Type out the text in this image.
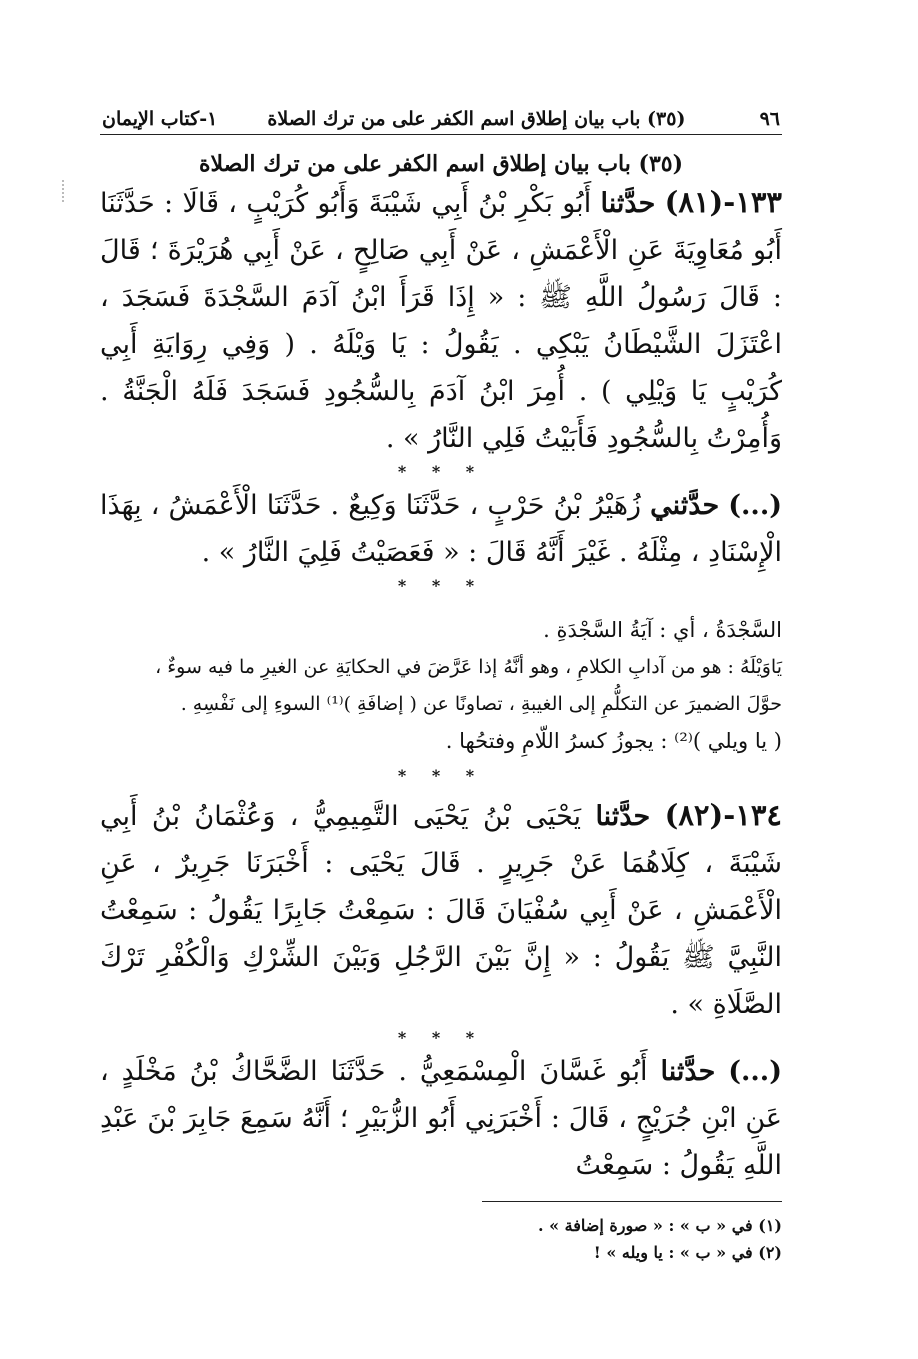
٩٦
(٣٥) باب بيان إطلاق اسم الكفر على من ترك الصلاة
١-كتاب الإيمان
(٣٥) باب بيان إطلاق اسم الكفر على من ترك الصلاة
١٣٣-(٨١) حدَّثنا أَبُو بَكْرِ بْنُ أَبِي شَيْبَةَ وَأَبُو كُرَيْبٍ ، قَالَا : حَدَّثَنَا أَبُو مُعَاوِيَةَ عَنِ الْأَعْمَشِ ، عَنْ أَبِي صَالِحٍ ، عَنْ أَبِي هُرَيْرَةَ ؛ قَالَ : قَالَ رَسُولُ اللَّهِ ﷺ : « إِذَا قَرَأَ ابْنُ آدَمَ السَّجْدَةَ فَسَجَدَ ، اعْتَزَلَ الشَّيْطَانُ يَبْكِي . يَقُولُ : يَا وَيْلَهُ . ( وَفِي رِوَايَةِ أَبِي كُرَيْبٍ يَا وَيْلِي ) . أُمِرَ ابْنُ آدَمَ بِالسُّجُودِ فَسَجَدَ فَلَهُ الْجَنَّةُ . وَأُمِرْتُ بِالسُّجُودِ فَأَبَيْتُ فَلِي النَّارُ » .
* * *
(...) حدَّثني زُهَيْرُ بْنُ حَرْبٍ ، حَدَّثَنَا وَكِيعٌ . حَدَّثَنَا الْأَعْمَشُ ، بِهَذَا الْإِسْنَادِ ، مِثْلَهُ . غَيْرَ أَنَّهُ قَالَ : « فَعَصَيْتُ فَلِيَ النَّارُ » .
* * *
السَّجْدَةُ ، أي : آيَةُ السَّجْدَةِ .
يَاوَيْلَهُ : هو من آدابِ الكلامِ ، وهو أنَّهُ إذا عَرَّضَ في الحكايَةِ عن الغيرِ ما فيه سوءٌ ،
حوَّلَ الضميرَ عن التكلُّمِ إلى الغيبةِ ، تصاونًا عن ( إضافَةِ )⁽¹⁾ السوءِ إلى نَفْسِهِ .
( يا ويلي )⁽²⁾ : يجوزُ كسرُ اللّامِ وفتحُها .
* * *
١٣٤-(٨٢) حدَّثنا يَحْيَى بْنُ يَحْيَى التَّمِيمِيُّ ، وَعُثْمَانُ بْنُ أَبِي شَيْبَةَ ، كِلَاهُمَا عَنْ جَرِيرٍ . قَالَ يَحْيَى : أَخْبَرَنَا جَرِيرٌ ، عَنِ الْأَعْمَشِ ، عَنْ أَبِي سُفْيَانَ قَالَ : سَمِعْتُ جَابِرًا يَقُولُ : سَمِعْتُ النَّبِيَّ ﷺ يَقُولُ : « إِنَّ بَيْنَ الرَّجُلِ وَبَيْنَ الشِّرْكِ وَالْكُفْرِ تَرْكَ الصَّلَاةِ » .
* * *
(...) حدَّثنا أَبُو غَسَّانَ الْمِسْمَعِيُّ . حَدَّثَنَا الضَّحَّاكُ بْنُ مَخْلَدٍ ، عَنِ ابْنِ جُرَيْجٍ ، قَالَ : أَخْبَرَنِي أَبُو الزُّبَيْرِ ؛ أَنَّهُ سَمِعَ جَابِرَ بْنَ عَبْدِ اللَّهِ يَقُولُ : سَمِعْتُ
(١) في « ب » : « صورة إضافة » .
(٢) في « ب » : يا ويله » !
